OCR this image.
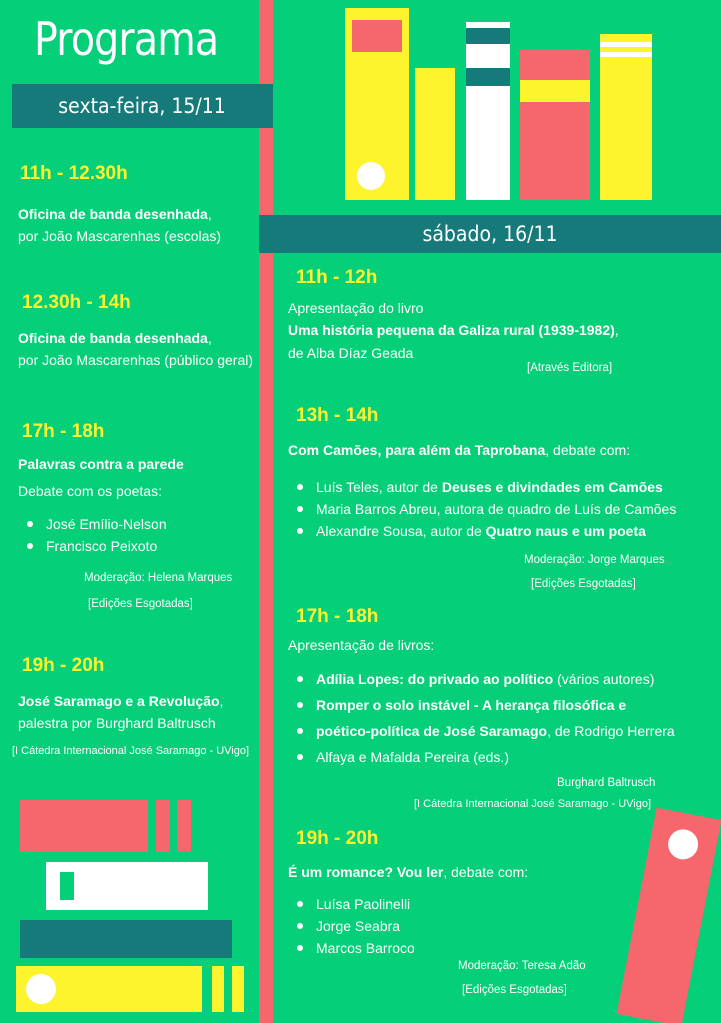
Programa
sexta-feira, 15/11
sábado, 16/11
11h - 12.30h
Oficina de banda desenhada,
por João Mascarenhas (escolas)
12.30h - 14h
Oficina de banda desenhada,
por João Mascarenhas (público geral)
17h - 18h
Palavras contra a parede
Debate com os poetas:
José Emílio-Nelson
Francisco Peixoto
Moderação: Helena Marques
[Edições Esgotadas]
19h - 20h
José Saramago e a Revolução,
palestra por Burghard Baltrusch
[I Cátedra Internacional José Saramago - UVigo]
11h - 12h
Apresentação do livro
Uma história pequena da Galiza rural (1939-1982),
de Alba Díaz Geada
[Através Editora]
13h - 14h
Com Camões, para além da Taprobana, debate com:
Luís Teles, autor de Deuses e divindades em Camões
Maria Barros Abreu, autora de quadro de Luís de Camões
Alexandre Sousa, autor de Quatro naus e um poeta
Moderação: Jorge Marques
[Edições Esgotadas]
17h - 18h
Apresentação de livros:
Adília Lopes: do privado ao político (vários autores)
Romper o solo instável - A herança filosófica e
poético-política de José Saramago, de Rodrigo Herrera
Alfaya e Mafalda Pereira (eds.)
Burghard Baltrusch
[I Cátedra Internacional José Saramago - UVigo]
19h - 20h
É um romance? Vou ler, debate com:
Luísa Paolinelli
Jorge Seabra
Marcos Barroco
Moderação: Teresa Adão
[Edições Esgotadas]
